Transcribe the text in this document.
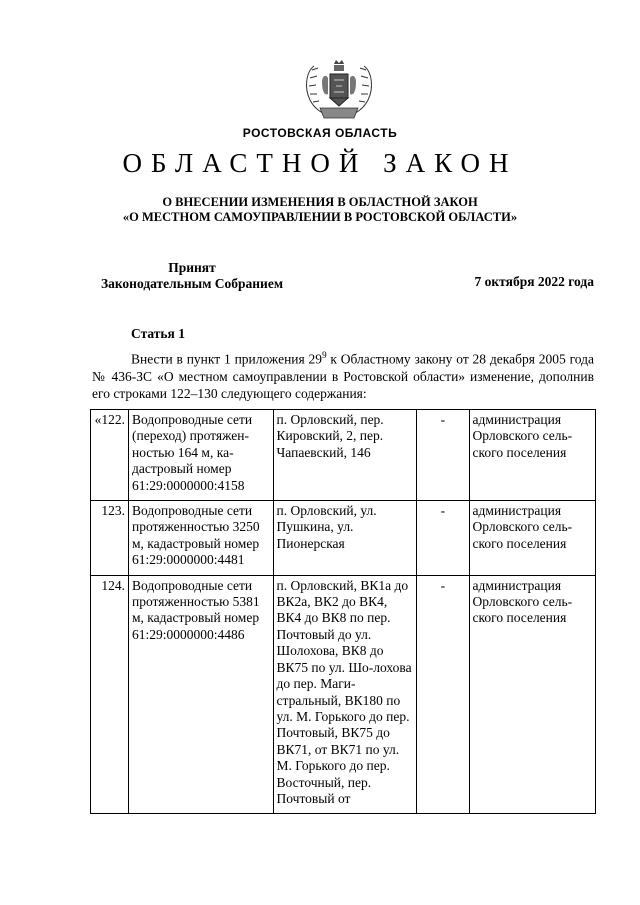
РОСТОВСКАЯ ОБЛАСТЬ
ОБЛАСТНОЙ ЗАКОН
О ВНЕСЕНИИ ИЗМЕНЕНИЯ В ОБЛАСТНОЙ ЗАКОН
«О МЕСТНОМ САМОУПРАВЛЕНИИ В РОСТОВСКОЙ ОБЛАСТИ»
Принят
Законодательным Собранием	7 октября 2022 года
Статья 1

Внести в пункт 1 приложения $29^9$ к Областному закону от 28 декабря 2005 года № 436-ЗС «О местном самоуправлении в Ростовской области» изменение, дополнив его строками 122–130 следующего содержания:

«122.	Водопроводные сети (переход) протяжен-ностью 164 м, ка-дастровый номер 61:29:0000000:4158	п. Орловский, пер. Кировский, 2, пер. Чапаевский, 146	-	администрация Орловского сель-ского поселения
123.	Водопроводные сети протяженностью 3250 м, кадастровый номер 61:29:0000000:4481	п. Орловский, ул. Пушкина, ул. Пионерская	-	администрация Орловского сель-ского поселения
124.	Водопроводные сети протяженностью 5381 м, кадастровый номер 61:29:0000000:4486	п. Орловский, ВК1а до ВК2а, ВК2 до ВК4, ВК4 до ВК8 по пер. Почтовый до ул. Шолохова, ВК8 до ВК75 по ул. Шо-лохова до пер. Маги-стральный, ВК180 по ул. М. Горького до пер. Почтовый, ВК75 до ВК71, от ВК71 по ул. М. Горького до пер. Восточный, пер. Почтовый от	-	администрация Орловского сель-ского поселения
